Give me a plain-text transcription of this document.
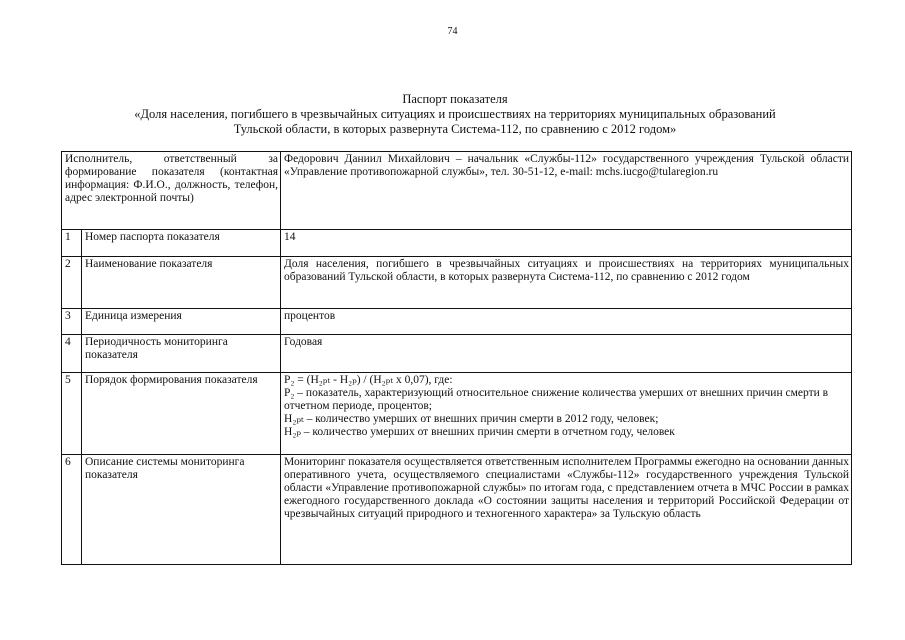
74
Паспорт показателя
«Доля населения, погибшего в чрезвычайных ситуациях и происшествиях на территориях муниципальных образований
Тульской области, в которых развернута Система-112, по сравнению с 2012 годом»
Исполнитель, ответственный за формирование показателя (контактная информация: Ф.И.О., должность, телефон, адрес электронной почты)		Федорович Даниил Михайлович – начальник «Службы-112» государственного учреждения Тульской области «Управление противопожарной службы», тел. 30-51-12, e-mail: mchs.iucgo@tularegion.ru
1	Номер паспорта показателя	14
2	Наименование показателя	Доля населения, погибшего в чрезвычайных ситуациях и происшествиях на территориях муниципальных образований Тульской области, в которых развернута Система-112, по сравнению с 2012 годом
3	Единица измерения	процентов
4	Периодичность мониторинга показателя	Годовая
5	Порядок формирования показателя	Р₂ = (Н₂ₚₜ - Н₂ₚ) / (Н₂ₚₜ х 0,07), где:
Р₂ – показатель, характеризующий относительное снижение количества умерших от внешних причин смерти в отчетном периоде, процентов;
Н₂ₚₜ – количество умерших от внешних причин смерти в 2012 году, человек;
Н₂ₚ – количество умерших от внешних причин смерти в отчетном году, человек

6	Описание системы мониторинга показателя	Мониторинг показателя осуществляется ответственным исполнителем Программы ежегодно на основании данных оперативного учета, осуществляемого специалистами «Службы-112» государственного учреждения Тульской области «Управление противопожарной службы» по итогам года, с представлением отчета в МЧС России в рамках ежегодного государственного доклада «О состоянии защиты населения и территорий Российской Федерации от чрезвычайных ситуаций природного и техногенного характера» за Тульскую область
